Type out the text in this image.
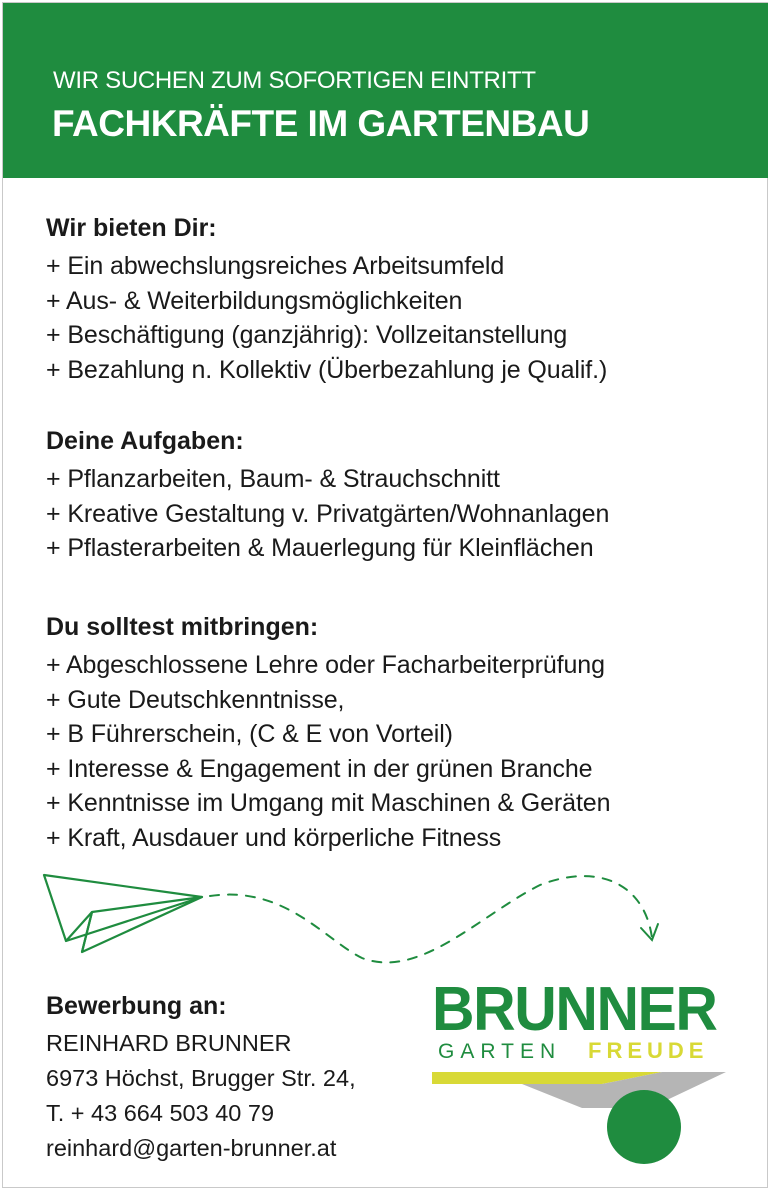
WIR SUCHEN ZUM SOFORTIGEN EINTRITT
FACHKRÄFTE IM GARTENBAU
Wir bieten Dir:
+ Ein abwechslungsreiches Arbeitsumfeld
+ Aus- & Weiterbildungsmöglichkeiten
+ Beschäftigung (ganzjährig): Vollzeitanstellung
+ Bezahlung n. Kollektiv (Überbezahlung je Qualif.)
Deine Aufgaben:
+ Pflanzarbeiten, Baum- & Strauchschnitt
+ Kreative Gestaltung v. Privatgärten/Wohnanlagen
+ Pflasterarbeiten & Mauerlegung für Kleinflächen
Du solltest mitbringen:
+ Abgeschlossene Lehre oder Facharbeiterprüfung
+ Gute Deutschkenntnisse,
+ B Führerschein, (C & E von Vorteil)
+ Interesse & Engagement in der grünen Branche
+ Kenntnisse im Umgang mit Maschinen & Geräten
+ Kraft, Ausdauer und körperliche Fitness
Bewerbung an:
REINHARD BRUNNER
6973 Höchst, Brugger Str. 24,
T. + 43 664 503 40 79
reinhard@garten-brunner.at
BRUNNER
GARTEN FREUDE
